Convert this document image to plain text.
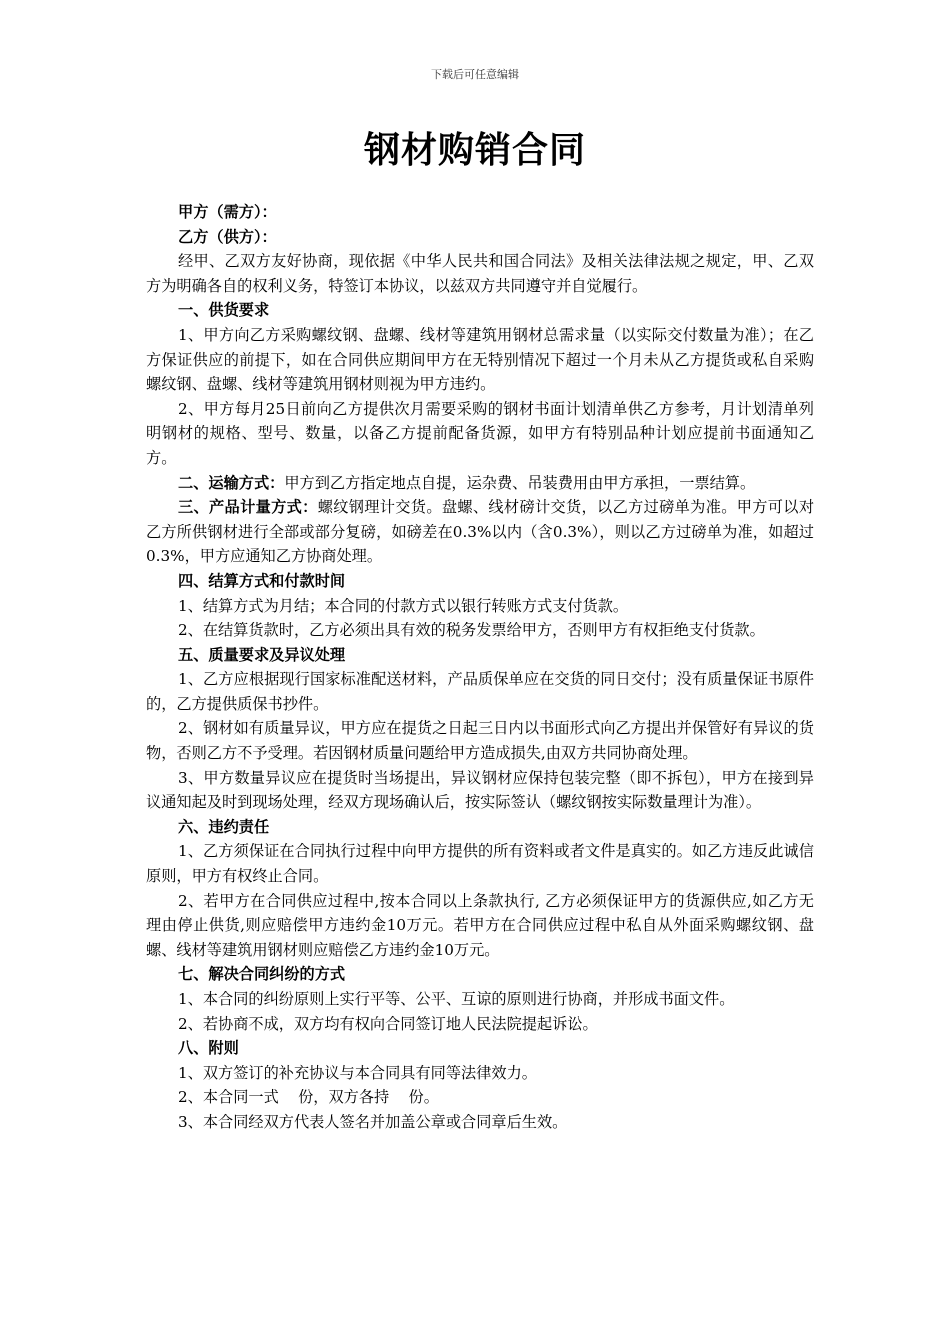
下载后可任意编辑
钢材购销合同

甲方（需方）：

乙方（供方）：

经甲、乙双方友好协商，现依据《中华人民共和国合同法》及相关法律法规之规定，甲、乙双方为明确各自的权利义务，特签订本协议，以兹双方共同遵守并自觉履行。

一、供货要求

1、甲方向乙方采购螺纹钢、盘螺、线材等建筑用钢材总需求量（以实际交付数量为准）；在乙方保证供应的前提下，如在合同供应期间甲方在无特别情况下超过一个月未从乙方提货或私自采购螺纹钢、盘螺、线材等建筑用钢材则视为甲方违约。

2、甲方每月25日前向乙方提供次月需要采购的钢材书面计划清单供乙方参考，月计划清单列明钢材的规格、型号、数量，以备乙方提前配备货源，如甲方有特别品种计划应提前书面通知乙方。

二、运输方式：甲方到乙方指定地点自提，运杂费、吊装费用由甲方承担，一票结算。

三、产品计量方式：螺纹钢理计交货。盘螺、线材磅计交货，以乙方过磅单为准。甲方可以对乙方所供钢材进行全部或部分复磅，如磅差在0.3%以内（含0.3%），则以乙方过磅单为准，如超过0.3%，甲方应通知乙方协商处理。

四、结算方式和付款时间

1、结算方式为月结；本合同的付款方式以银行转账方式支付货款。

2、在结算货款时，乙方必须出具有效的税务发票给甲方，否则甲方有权拒绝支付货款。

五、质量要求及异议处理

1、乙方应根据现行国家标准配送材料，产品质保单应在交货的同日交付；没有质量保证书原件的，乙方提供质保书抄件。

2、钢材如有质量异议，甲方应在提货之日起三日内以书面形式向乙方提出并保管好有异议的货物，否则乙方不予受理。若因钢材质量问题给甲方造成损失,由双方共同协商处理。

3、甲方数量异议应在提货时当场提出，异议钢材应保持包装完整（即不拆包），甲方在接到异议通知起及时到现场处理，经双方现场确认后，按实际签认（螺纹钢按实际数量理计为准）。

六、违约责任

1、乙方须保证在合同执行过程中向甲方提供的所有资料或者文件是真实的。如乙方违反此诚信原则，甲方有权终止合同。

2、若甲方在合同供应过程中,按本合同以上条款执行, 乙方必须保证甲方的货源供应,如乙方无理由停止供货,则应赔偿甲方违约金10万元。若甲方在合同供应过程中私自从外面采购螺纹钢、盘螺、线材等建筑用钢材则应赔偿乙方违约金10万元。

七、解决合同纠纷的方式

1、本合同的纠纷原则上实行平等、公平、互谅的原则进行协商，并形成书面文件。

2、若协商不成，双方均有权向合同签订地人民法院提起诉讼。

八、附则

1、双方签订的补充协议与本合同具有同等法律效力。

2、本合同一式    份，双方各持    份。

3、本合同经双方代表人签名并加盖公章或合同章后生效。
